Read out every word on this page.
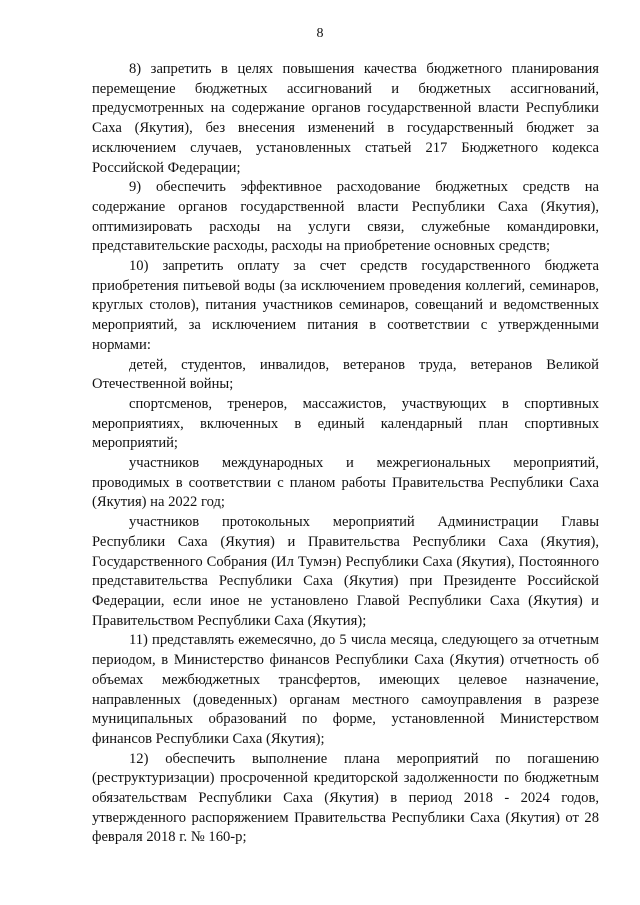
8

8) запретить в целях повышения качества бюджетного планирования перемещение бюджетных ассигнований и бюджетных ассигнований, предусмотренных на содержание органов государственной власти Республики Саха (Якутия), без внесения изменений в государственный бюджет за исключением случаев, установленных статьей 217 Бюджетного кодекса Российской Федерации;

9) обеспечить эффективное расходование бюджетных средств на содержание органов государственной власти Республики Саха (Якутия), оптимизировать расходы на услуги связи, служебные командировки, представительские расходы, расходы на приобретение основных средств;

10) запретить оплату за счет средств государственного бюджета приобретения питьевой воды (за исключением проведения коллегий, семинаров, круглых столов), питания участников семинаров, совещаний и ведомственных мероприятий, за исключением питания в соответствии с утвержденными нормами:

детей, студентов, инвалидов, ветеранов труда, ветеранов Великой Отечественной войны;

спортсменов, тренеров, массажистов, участвующих в спортивных мероприятиях, включенных в единый календарный план спортивных мероприятий;

участников международных и межрегиональных мероприятий, проводимых в соответствии с планом работы Правительства Республики Саха (Якутия) на 2022 год;

участников протокольных мероприятий Администрации Главы Республики Саха (Якутия) и Правительства Республики Саха (Якутия), Государственного Собрания (Ил Тумэн) Республики Саха (Якутия), Постоянного представительства Республики Саха (Якутия) при Президенте Российской Федерации, если иное не установлено Главой Республики Саха (Якутия) и Правительством Республики Саха (Якутия);

11) представлять ежемесячно, до 5 числа месяца, следующего за отчетным периодом, в Министерство финансов Республики Саха (Якутия) отчетность об объемах межбюджетных трансфертов, имеющих целевое назначение, направленных (доведенных) органам местного самоуправления в разрезе муниципальных образований по форме, установленной Министерством финансов Республики Саха (Якутия);

12) обеспечить выполнение плана мероприятий по погашению (реструктуризации) просроченной кредиторской задолженности по бюджетным обязательствам Республики Саха (Якутия) в период 2018 - 2024 годов, утвержденного распоряжением Правительства Республики Саха (Якутия) от 28 февраля 2018 г. № 160-р;
